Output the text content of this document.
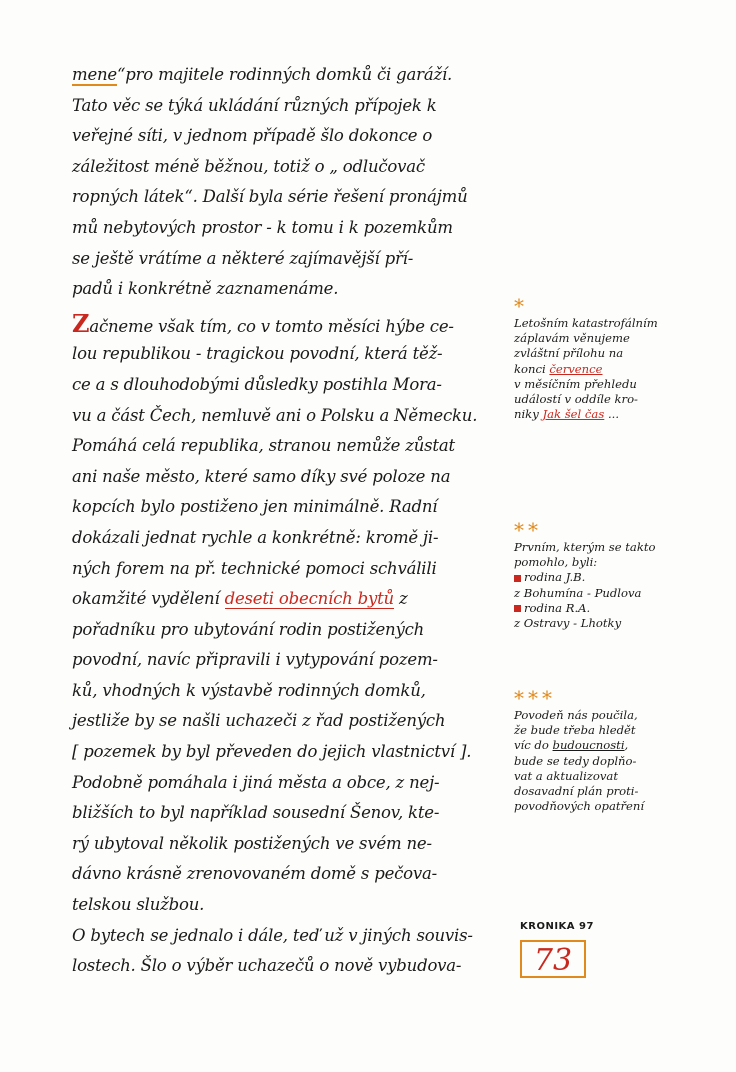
mene“pro majitele rodinných domků či garáží.
Tato věc se týká ukládání různých přípojek k
veřejné síti, v jednom případě šlo dokonce o
záležitost méně běžnou, totiž o „ odlučovač
ropných látek“. Další byla série řešení pronájmů
mů nebytových prostor - k tomu i k pozemkům
se ještě vrátíme a některé zajímavější pří-
padů i konkrétně zaznamenáme.
Začneme však tím, co v tomto měsíci hýbe ce-
lou republikou - tragickou povodní, která těž-
ce a s dlouhodobými důsledky postihla Mora-
vu a část Čech, nemluvě ani o Polsku a Německu.
Pomáhá celá republika, stranou nemůže zůstat
ani naše město, které samo díky své poloze na
kopcích bylo postiženo jen minimálně. Radní
dokázali jednat rychle a konkrétně: kromě ji-
ných forem na př. technické pomoci schválili
okamžité vydělení deseti obecních bytů z
pořadníku pro ubytování rodin postižených
povodní, navíc připravili i vytypování pozem-
ků, vhodných k výstavbě rodinných domků,
jestliže by se našli uchazeči z řad postižených
[ pozemek by byl převeden do jejich vlastnictví ].
Podobně pomáhala i jiná města a obce, z nej-
bližších to byl například sousední Šenov, kte-
rý ubytoval několik postižených ve svém ne-
dávno krásně zrenovovaném domě s pečova-
telskou službou.
O bytech se jednalo i dále, teď už v jiných souvis-
lostech. Šlo o výběr uchazečů o nově vybudova-
*
Letošním katastrofálním
záplavám věnujeme
zvláštní přílohu na
konci července
v měsíčním přehledu
událostí v oddíle kro-
niky Jak šel čas ...
**
Prvním, kterým se takto
pomohlo, byli:
rodina J.B.
z Bohumína - Pudlova
rodina R.A.
z Ostravy - Lhotky
***
Povodeň nás poučila,
že bude třeba hledět
víc do budoucnosti,
bude se tedy doplňo-
vat a aktualizovat
dosavadní plán proti-
povodňových opatření
KRONIKA 97
73
